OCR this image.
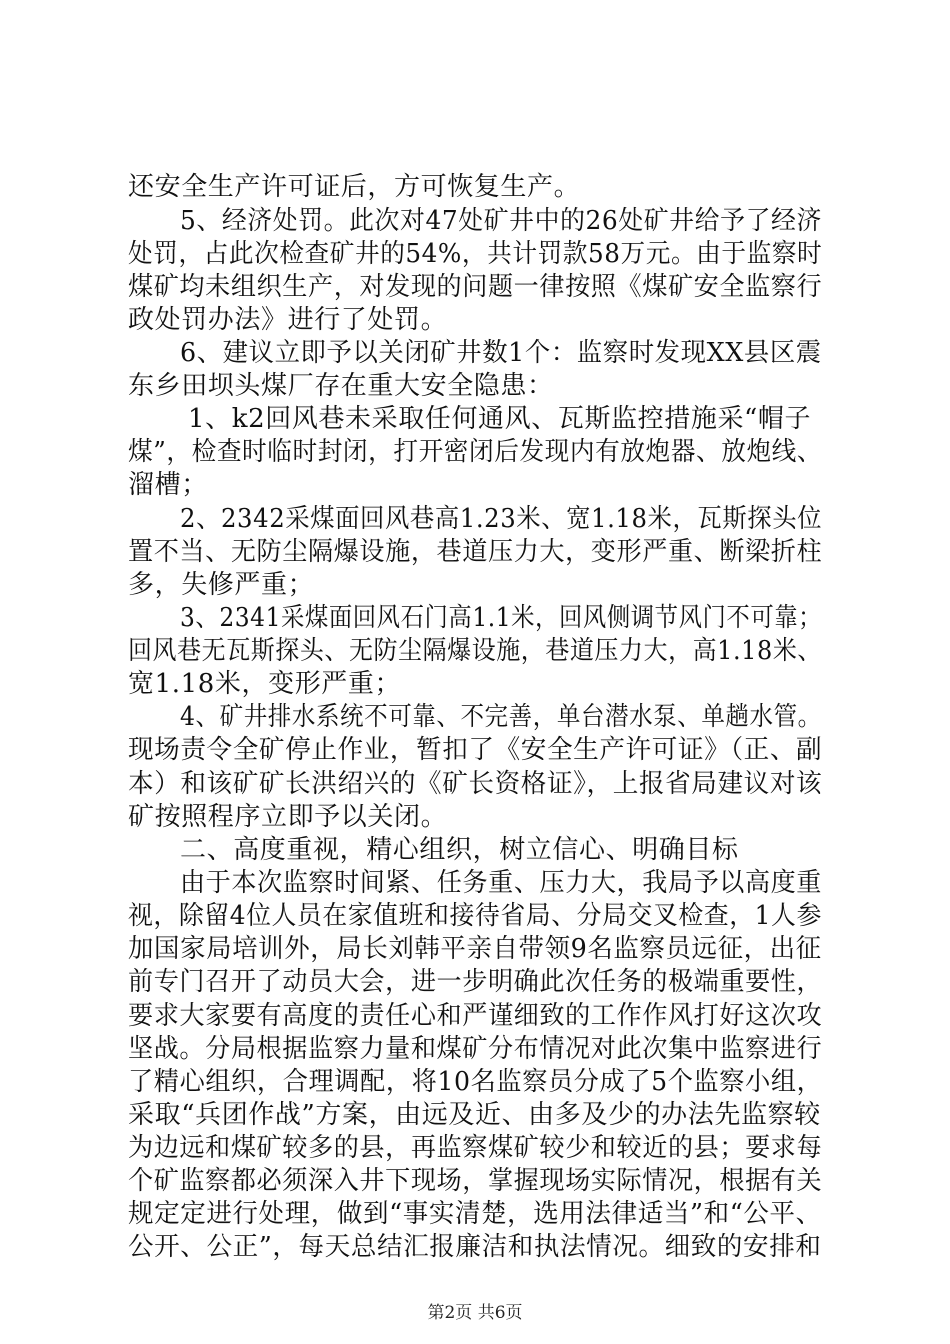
还安全生产许可证后，方可恢复生产。
5、经济处罚。此次对47处矿井中的26处矿井给予了经济
处罚，占此次检查矿井的54%，共计罚款58万元。由于监察时
煤矿均未组织生产，对发现的问题一律按照《煤矿安全监察行
政处罚办法》进行了处罚。
6、建议立即予以关闭矿井数1个：监察时发现XX县区震
东乡田坝头煤厂存在重大安全隐患：
1、k2回风巷未采取任何通风、瓦斯监控措施采“帽子
煤”，检查时临时封闭，打开密闭后发现内有放炮器、放炮线、
溜槽；
2、2342采煤面回风巷高1.23米、宽1.18米，瓦斯探头位
置不当、无防尘隔爆设施，巷道压力大，变形严重、断梁折柱
多，失修严重；
3、2341采煤面回风石门高1.1米，回风侧调节风门不可靠；
回风巷无瓦斯探头、无防尘隔爆设施，巷道压力大，高1.18米、
宽1.18米，变形严重；
4、矿井排水系统不可靠、不完善，单台潜水泵、单趟水管。
现场责令全矿停止作业，暂扣了《安全生产许可证》（正、副
本）和该矿矿长洪绍兴的《矿长资格证》，上报省局建议对该
矿按照程序立即予以关闭。
二、高度重视，精心组织，树立信心、明确目标
由于本次监察时间紧、任务重、压力大，我局予以高度重
视，除留4位人员在家值班和接待省局、分局交叉检查，1人参
加国家局培训外，局长刘韩平亲自带领9名监察员远征，出征
前专门召开了动员大会，进一步明确此次任务的极端重要性，
要求大家要有高度的责任心和严谨细致的工作作风打好这次攻
坚战。分局根据监察力量和煤矿分布情况对此次集中监察进行
了精心组织，合理调配，将10名监察员分成了5个监察小组，
采取“兵团作战”方案，由远及近、由多及少的办法先监察较
为边远和煤矿较多的县，再监察煤矿较少和较近的县；要求每
个矿监察都必须深入井下现场，掌握现场实际情况，根据有关
规定定进行处理，做到“事实清楚，选用法律适当”和“公平、
公开、公正”，每天总结汇报廉洁和执法情况。细致的安排和
第2页 共6页
